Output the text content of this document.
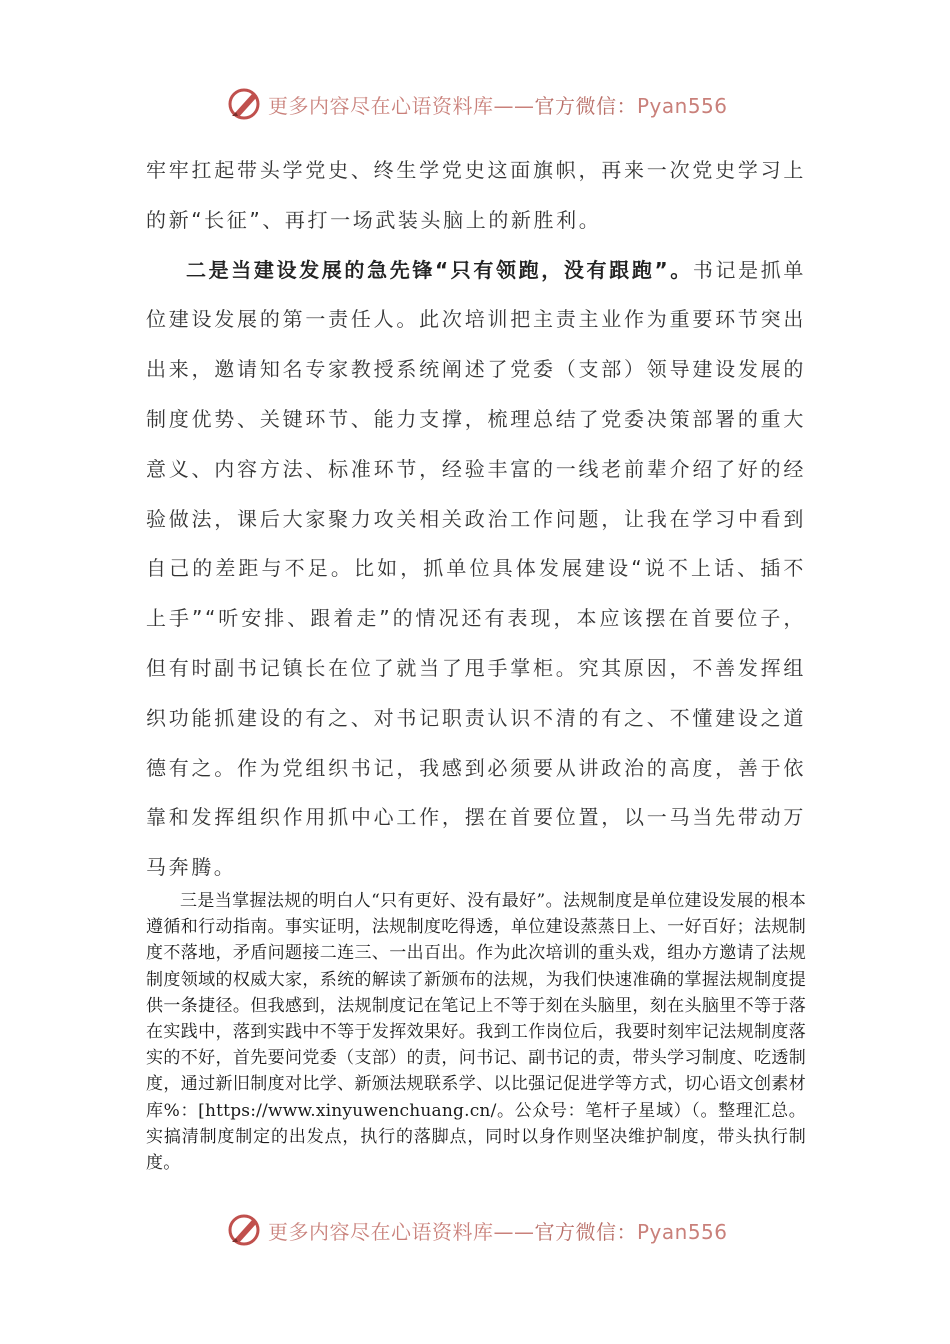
更多内容尽在心语资料库——官方微信：Pyan556

牢牢扛起带头学党史、终生学党史这面旗帜，再来一次党史学习上的新“长征”、再打一场武装头脑上的新胜利。

二是当建设发展的急先锋“只有领跑，没有跟跑”。书记是抓单位建设发展的第一责任人。此次培训把主责主业作为重要环节突出出来，邀请知名专家教授系统阐述了党委（支部）领导建设发展的制度优势、关键环节、能力支撑，梳理总结了党委决策部署的重大意义、内容方法、标准环节，经验丰富的一线老前辈介绍了好的经验做法，课后大家聚力攻关相关政治工作问题，让我在学习中看到自己的差距与不足。比如，抓单位具体发展建设“说不上话、插不上手”“听安排、跟着走”的情况还有表现，本应该摆在首要位子，但有时副书记镇长在位了就当了甩手掌柜。究其原因，不善发挥组织功能抓建设的有之、对书记职责认识不清的有之、不懂建设之道德有之。作为党组织书记，我感到必须要从讲政治的高度，善于依靠和发挥组织作用抓中心工作，摆在首要位置，以一马当先带动万马奔腾。

三是当掌握法规的明白人“只有更好、没有最好”。法规制度是单位建设发展的根本遵循和行动指南。事实证明，法规制度吃得透，单位建设蒸蒸日上、一好百好；法规制度不落地，矛盾问题接二连三、一出百出。作为此次培训的重头戏，组办方邀请了法规制度领域的权威大家，系统的解读了新颁布的法规，为我们快速准确的掌握法规制度提供一条捷径。但我感到，法规制度记在笔记上不等于刻在头脑里，刻在头脑里不等于落在实践中，落到实践中不等于发挥效果好。我到工作岗位后，我要时刻牢记法规制度落实的不好，首先要问党委（支部）的责，问书记、副书记的责，带头学习制度、吃透制度，通过新旧制度对比学、新颁法规联系学、以比强记促进学等方式，切心语文创素材库%：[https://www.xinyuwenchuang.cn/。公众号：笔杆子星域）（。整理汇总。实搞清制度制定的出发点，执行的落脚点，同时以身作则坚决维护制度，带头执行制度。

更多内容尽在心语资料库——官方微信：Pyan556
